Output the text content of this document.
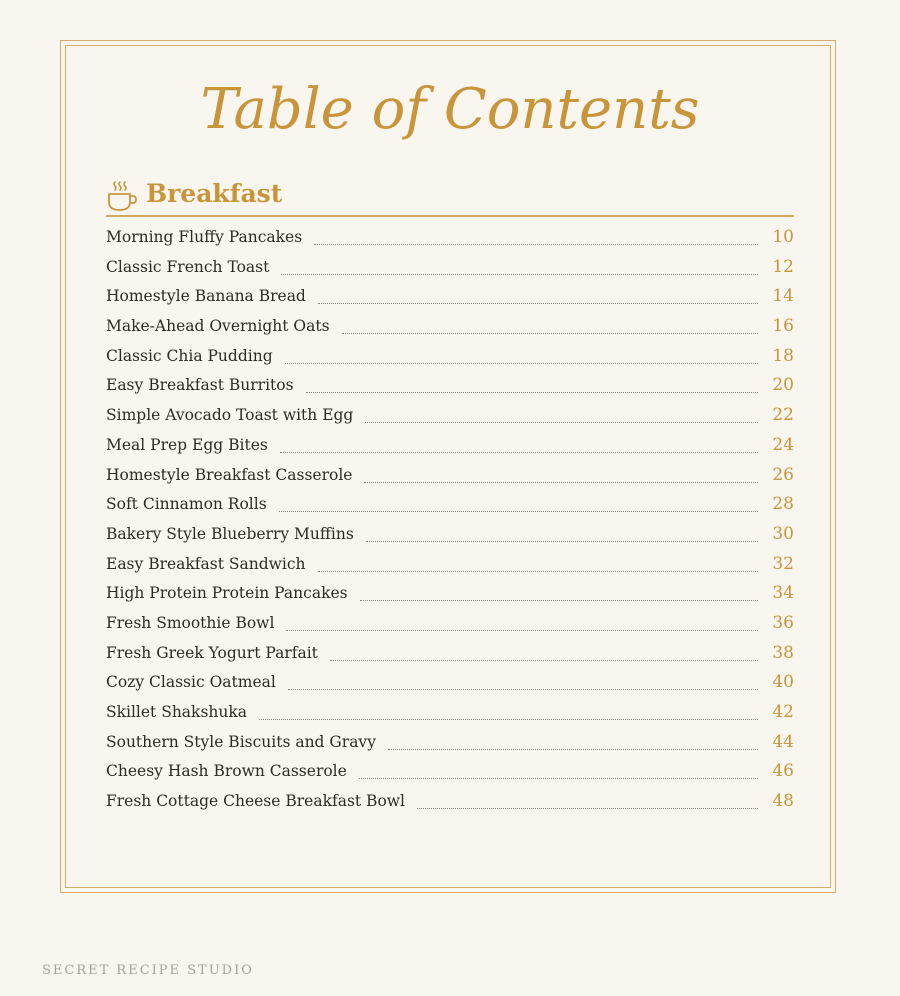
Table of Contents
Breakfast
Morning Fluffy Pancakes	10
Classic French Toast	12
Homestyle Banana Bread	14
Make-Ahead Overnight Oats	16
Classic Chia Pudding	18
Easy Breakfast Burritos	20
Simple Avocado Toast with Egg	22
Meal Prep Egg Bites	24
Homestyle Breakfast Casserole	26
Soft Cinnamon Rolls	28
Bakery Style Blueberry Muffins	30
Easy Breakfast Sandwich	32
High Protein Protein Pancakes	34
Fresh Smoothie Bowl	36
Fresh Greek Yogurt Parfait	38
Cozy Classic Oatmeal	40
Skillet Shakshuka	42
Southern Style Biscuits and Gravy	44
Cheesy Hash Brown Casserole	46
Fresh Cottage Cheese Breakfast Bowl	48
SECRET RECIPE STUDIO
